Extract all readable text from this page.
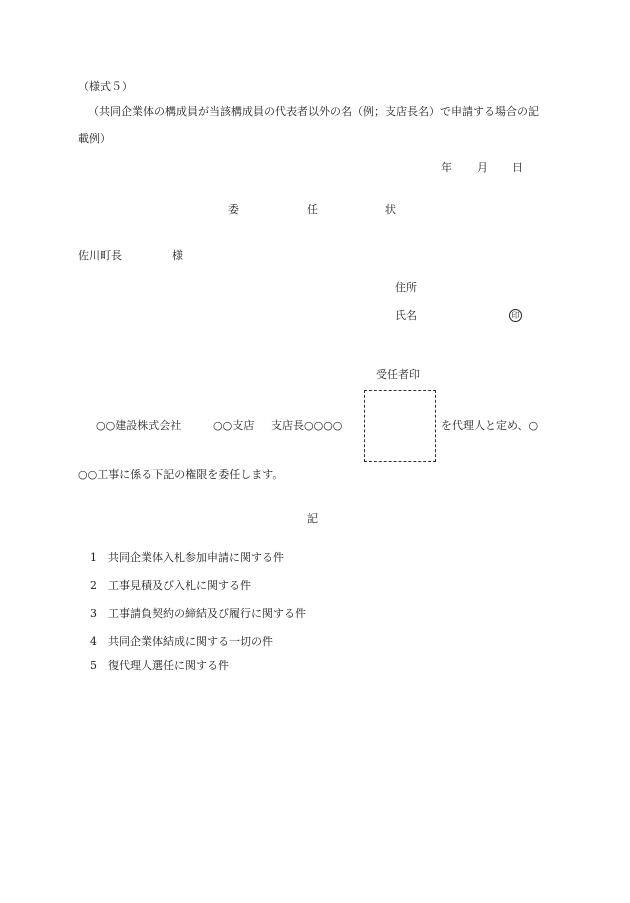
（様式５）
（共同企業体の構成員が当該構成員の代表者以外の名（例；支店長名）で申請する場合の記
載例）
年 月 日
委	任	状
佐川町長	様
住所
氏名	印
受任者印
○○建設株式会社	○○支店 支店長○○○○	を代理人と定め、○
○○工事に係る下記の権限を委任します。
記
1 共同企業体入札参加申請に関する件
2 工事見積及び入札に関する件
3 工事請負契約の締結及び履行に関する件
4 共同企業体結成に関する一切の件
5 復代理人選任に関する件
